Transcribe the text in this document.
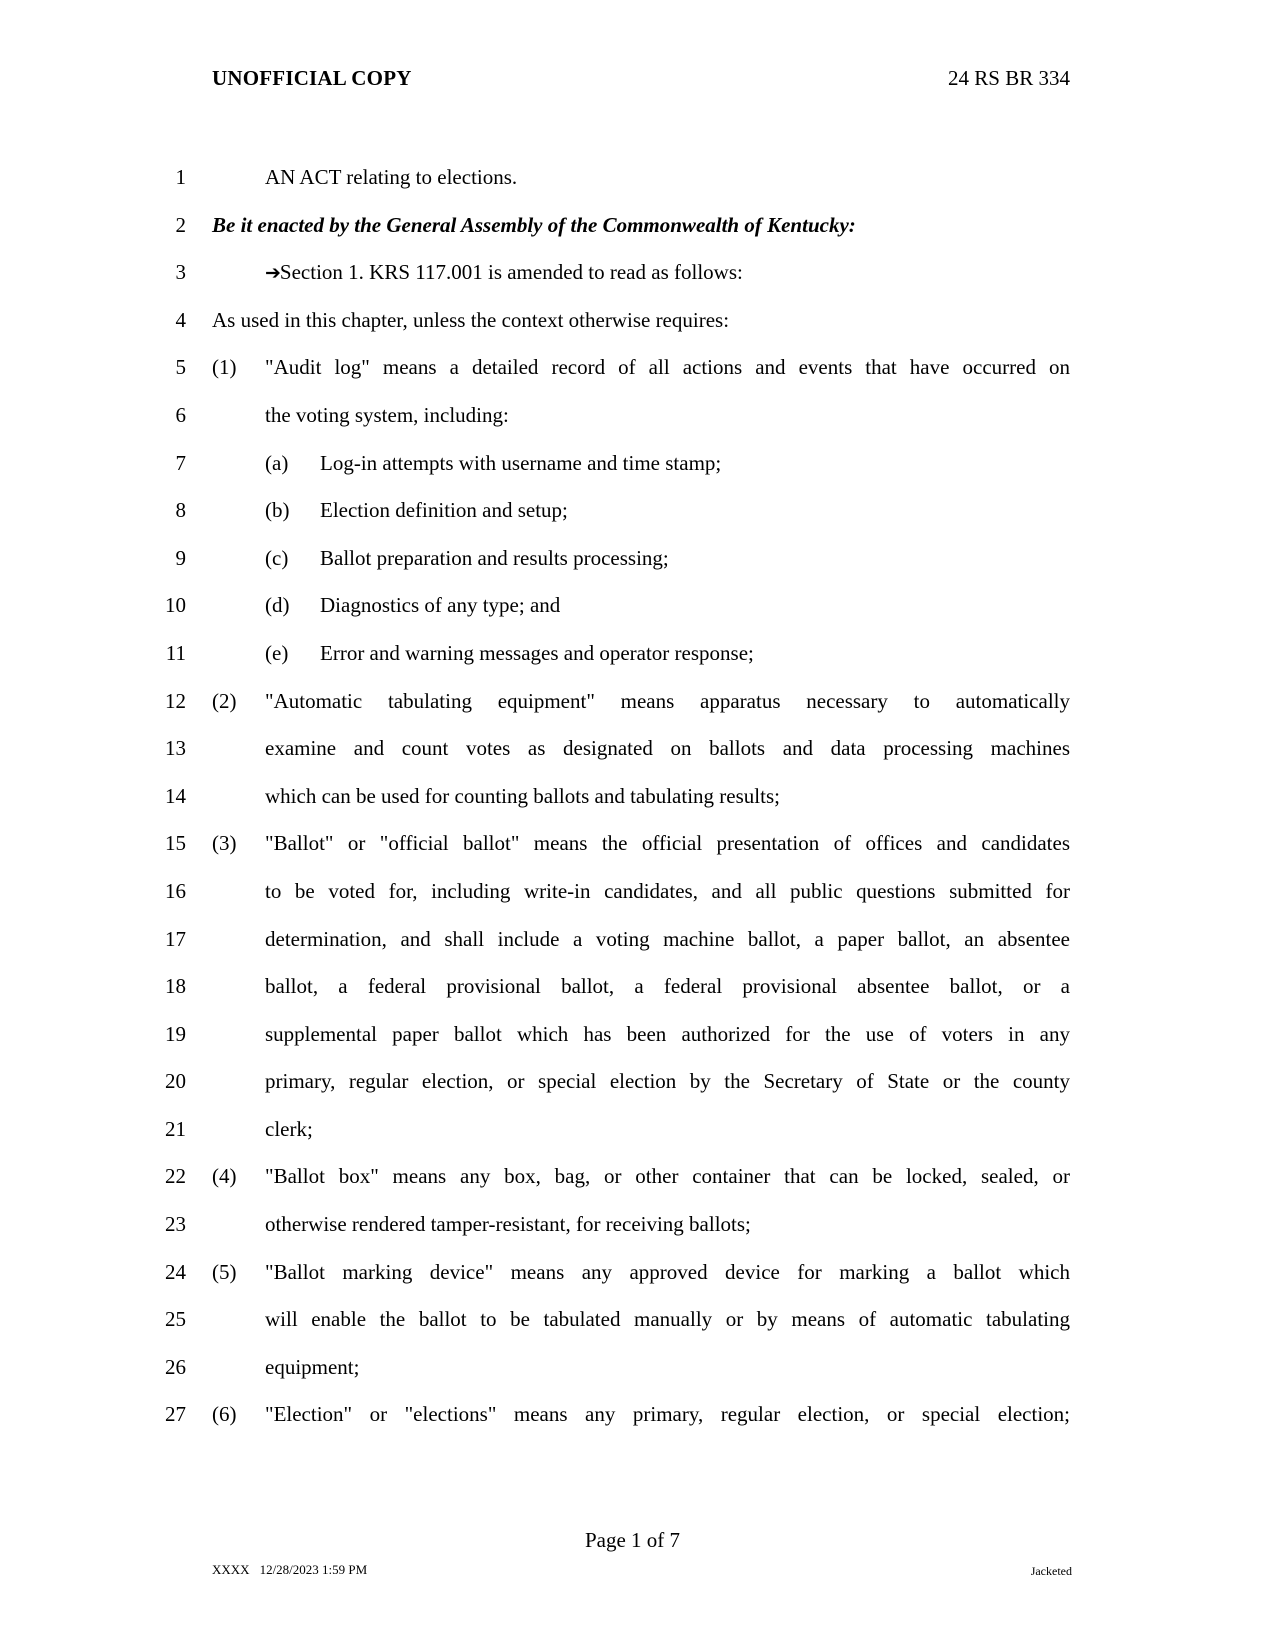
UNOFFICIAL COPY	24 RS BR 334
1	AN ACT relating to elections.
2 Be it enacted by the General Assembly of the Commonwealth of Kentucky:
3	➔Section 1. KRS 117.001 is amended to read as follows:
4 As used in this chapter, unless the context otherwise requires:
5 (1) "Audit log" means a detailed record of all actions and events that have occurred on
6	the voting system, including:
7	(a) Log-in attempts with username and time stamp;
8	(b) Election definition and setup;
9	(c) Ballot preparation and results processing;
10	(d) Diagnostics of any type; and
11	(e) Error and warning messages and operator response;
12 (2) "Automatic tabulating equipment" means apparatus necessary to automatically
13	examine and count votes as designated on ballots and data processing machines
14	which can be used for counting ballots and tabulating results;
15 (3) "Ballot" or "official ballot" means the official presentation of offices and candidates
16	to be voted for, including write-in candidates, and all public questions submitted for
17	determination, and shall include a voting machine ballot, a paper ballot, an absentee
18	ballot, a federal provisional ballot, a federal provisional absentee ballot, or a
19	supplemental paper ballot which has been authorized for the use of voters in any
20	primary, regular election, or special election by the Secretary of State or the county
21	clerk;
22 (4) "Ballot box" means any box, bag, or other container that can be locked, sealed, or
23	otherwise rendered tamper-resistant, for receiving ballots;
24 (5) "Ballot marking device" means any approved device for marking a ballot which
25	will enable the ballot to be tabulated manually or by means of automatic tabulating
26	equipment;
27 (6) "Election" or "elections" means any primary, regular election, or special election;
Page 1 of 7
XXXX 12/28/2023 1:59 PM	Jacketed
